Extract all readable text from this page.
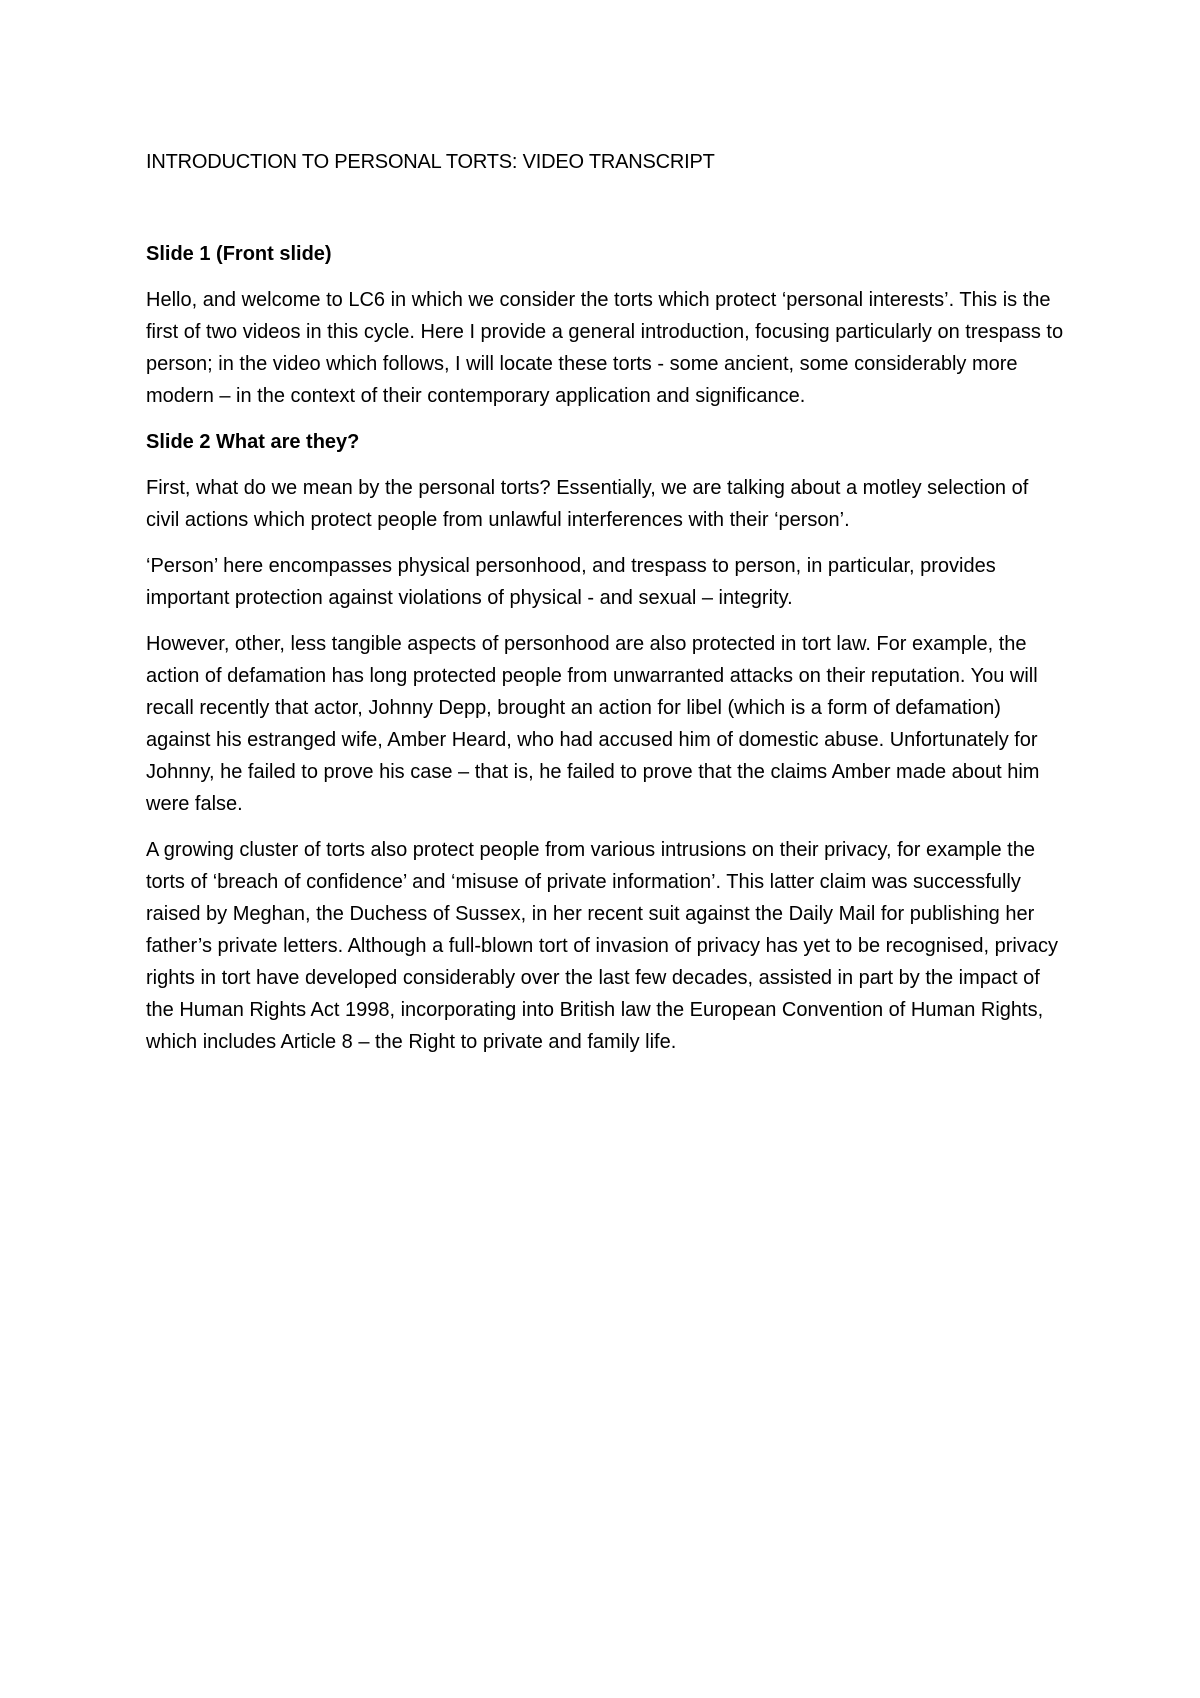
INTRODUCTION TO PERSONAL TORTS: VIDEO TRANSCRIPT
Slide 1 (Front slide)

Hello, and welcome to LC6 in which we consider the torts which protect ‘personal interests’. This is the first of two videos in this cycle. Here I provide a general introduction, focusing particularly on trespass to person; in the video which follows, I will locate these torts - some ancient, some considerably more modern – in the context of their contemporary application and significance.

Slide 2 What are they?

First, what do we mean by the personal torts? Essentially, we are talking about a motley selection of civil actions which protect people from unlawful interferences with their ‘person’.

‘Person’ here encompasses physical personhood, and trespass to person, in particular, provides important protection against violations of physical - and sexual – integrity.

However, other, less tangible aspects of personhood are also protected in tort law. For example, the action of defamation has long protected people from unwarranted attacks on their reputation. You will recall recently that actor, Johnny Depp, brought an action for libel (which is a form of defamation) against his estranged wife, Amber Heard, who had accused him of domestic abuse. Unfortunately for Johnny, he failed to prove his case – that is, he failed to prove that the claims Amber made about him were false.

A growing cluster of torts also protect people from various intrusions on their privacy, for example the torts of ‘breach of confidence’ and ‘misuse of private information’. This latter claim was successfully raised by Meghan, the Duchess of Sussex, in her recent suit against the Daily Mail for publishing her father’s private letters. Although a full-blown tort of invasion of privacy has yet to be recognised, privacy rights in tort have developed considerably over the last few decades, assisted in part by the impact of the Human Rights Act 1998, incorporating into British law the European Convention of Human Rights, which includes Article 8 – the Right to private and family life.
